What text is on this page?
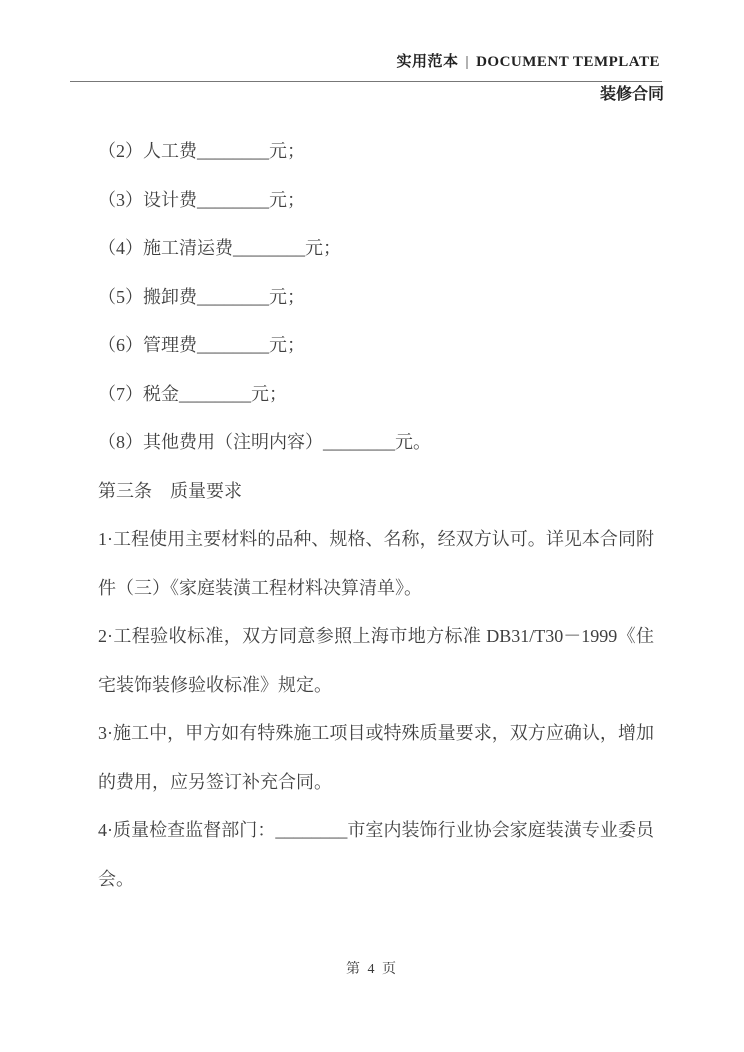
实用范本 | DOCUMENT TEMPLATE
装修合同

（2）人工费________元；

（3）设计费________元；

（4）施工清运费________元；

（5）搬卸费________元；

（6）管理费________元；

（7）税金________元；

（8）其他费用（注明内容）________元。

第三条　质量要求

1·工程使用主要材料的品种、规格、名称，经双方认可。详见本合同附件（三）《家庭装潢工程材料决算清单》。

2·工程验收标准，双方同意参照上海市地方标准 DB31/T30－1999《住宅装饰装修验收标准》规定。

3·施工中，甲方如有特殊施工项目或特殊质量要求，双方应确认，增加的费用，应另签订补充合同。

4·质量检查监督部门：________市室内装饰行业协会家庭装潢专业委员会。

第 4 页
